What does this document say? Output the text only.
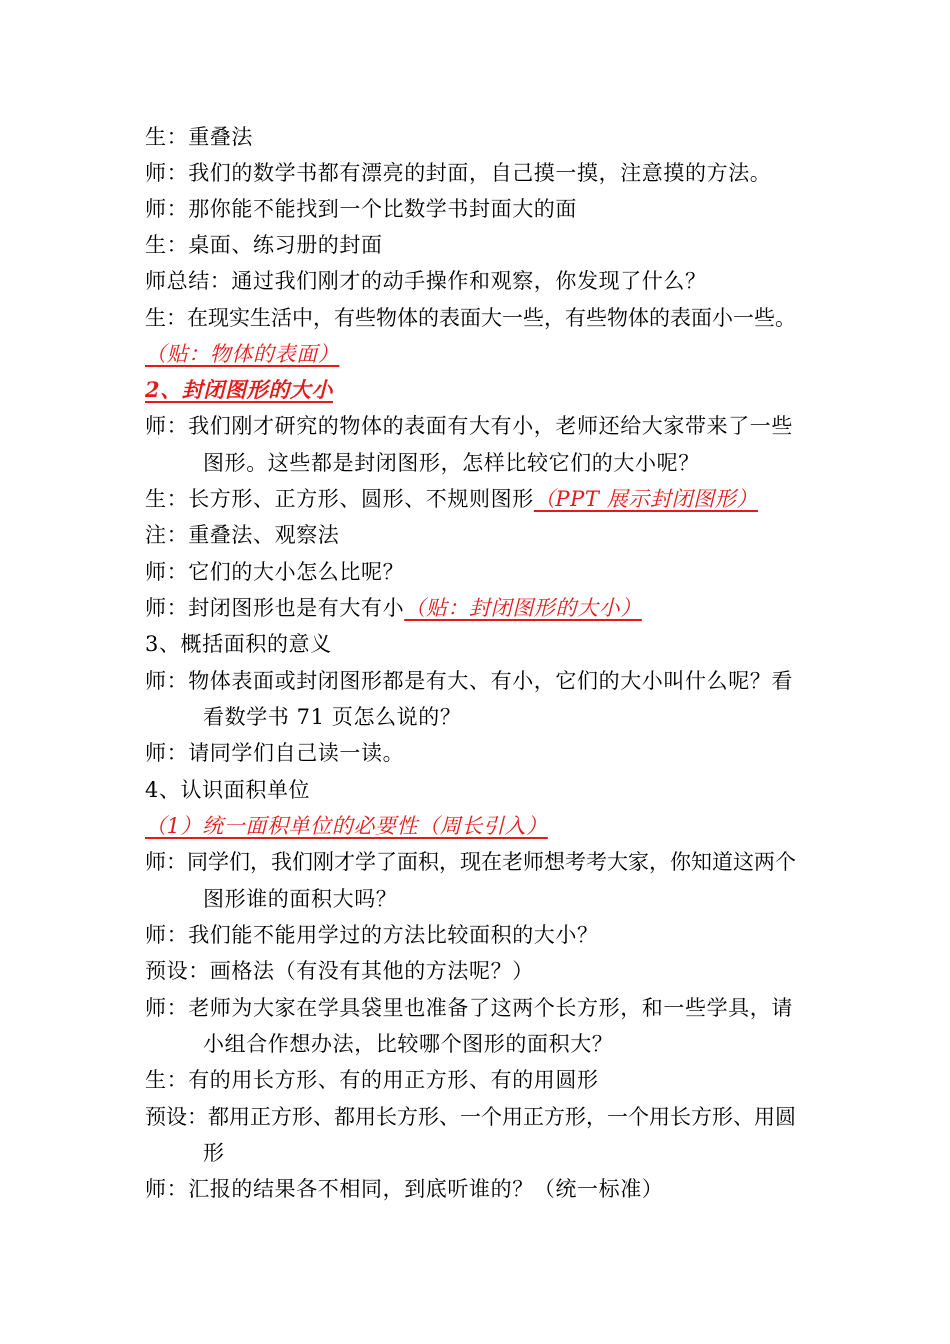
生：重叠法
师：我们的数学书都有漂亮的封面，自己摸一摸，注意摸的方法。
师：那你能不能找到一个比数学书封面大的面
生：桌面、练习册的封面
师总结：通过我们刚才的动手操作和观察，你发现了什么？
生：在现实生活中，有些物体的表面大一些，有些物体的表面小一些。
（贴：物体的表面）
2、封闭图形的大小
师：我们刚才研究的物体的表面有大有小，老师还给大家带来了一些
图形。这些都是封闭图形，怎样比较它们的大小呢？
生：长方形、正方形、圆形、不规则图形（PPT 展示封闭图形）
注：重叠法、观察法
师：它们的大小怎么比呢？
师：封闭图形也是有大有小（贴：封闭图形的大小）
3、概括面积的意义
师：物体表面或封闭图形都是有大、有小，它们的大小叫什么呢？看
看数学书 71 页怎么说的？
师：请同学们自己读一读。
4、认识面积单位
（1）统一面积单位的必要性（周长引入）
师：同学们，我们刚才学了面积，现在老师想考考大家，你知道这两个
图形谁的面积大吗？
师：我们能不能用学过的方法比较面积的大小？
预设：画格法（有没有其他的方法呢？）
师：老师为大家在学具袋里也准备了这两个长方形，和一些学具，请
小组合作想办法，比较哪个图形的面积大？
生：有的用长方形、有的用正方形、有的用圆形
预设：都用正方形、都用长方形、一个用正方形，一个用长方形、用圆
形
师：汇报的结果各不相同，到底听谁的？（统一标准）
